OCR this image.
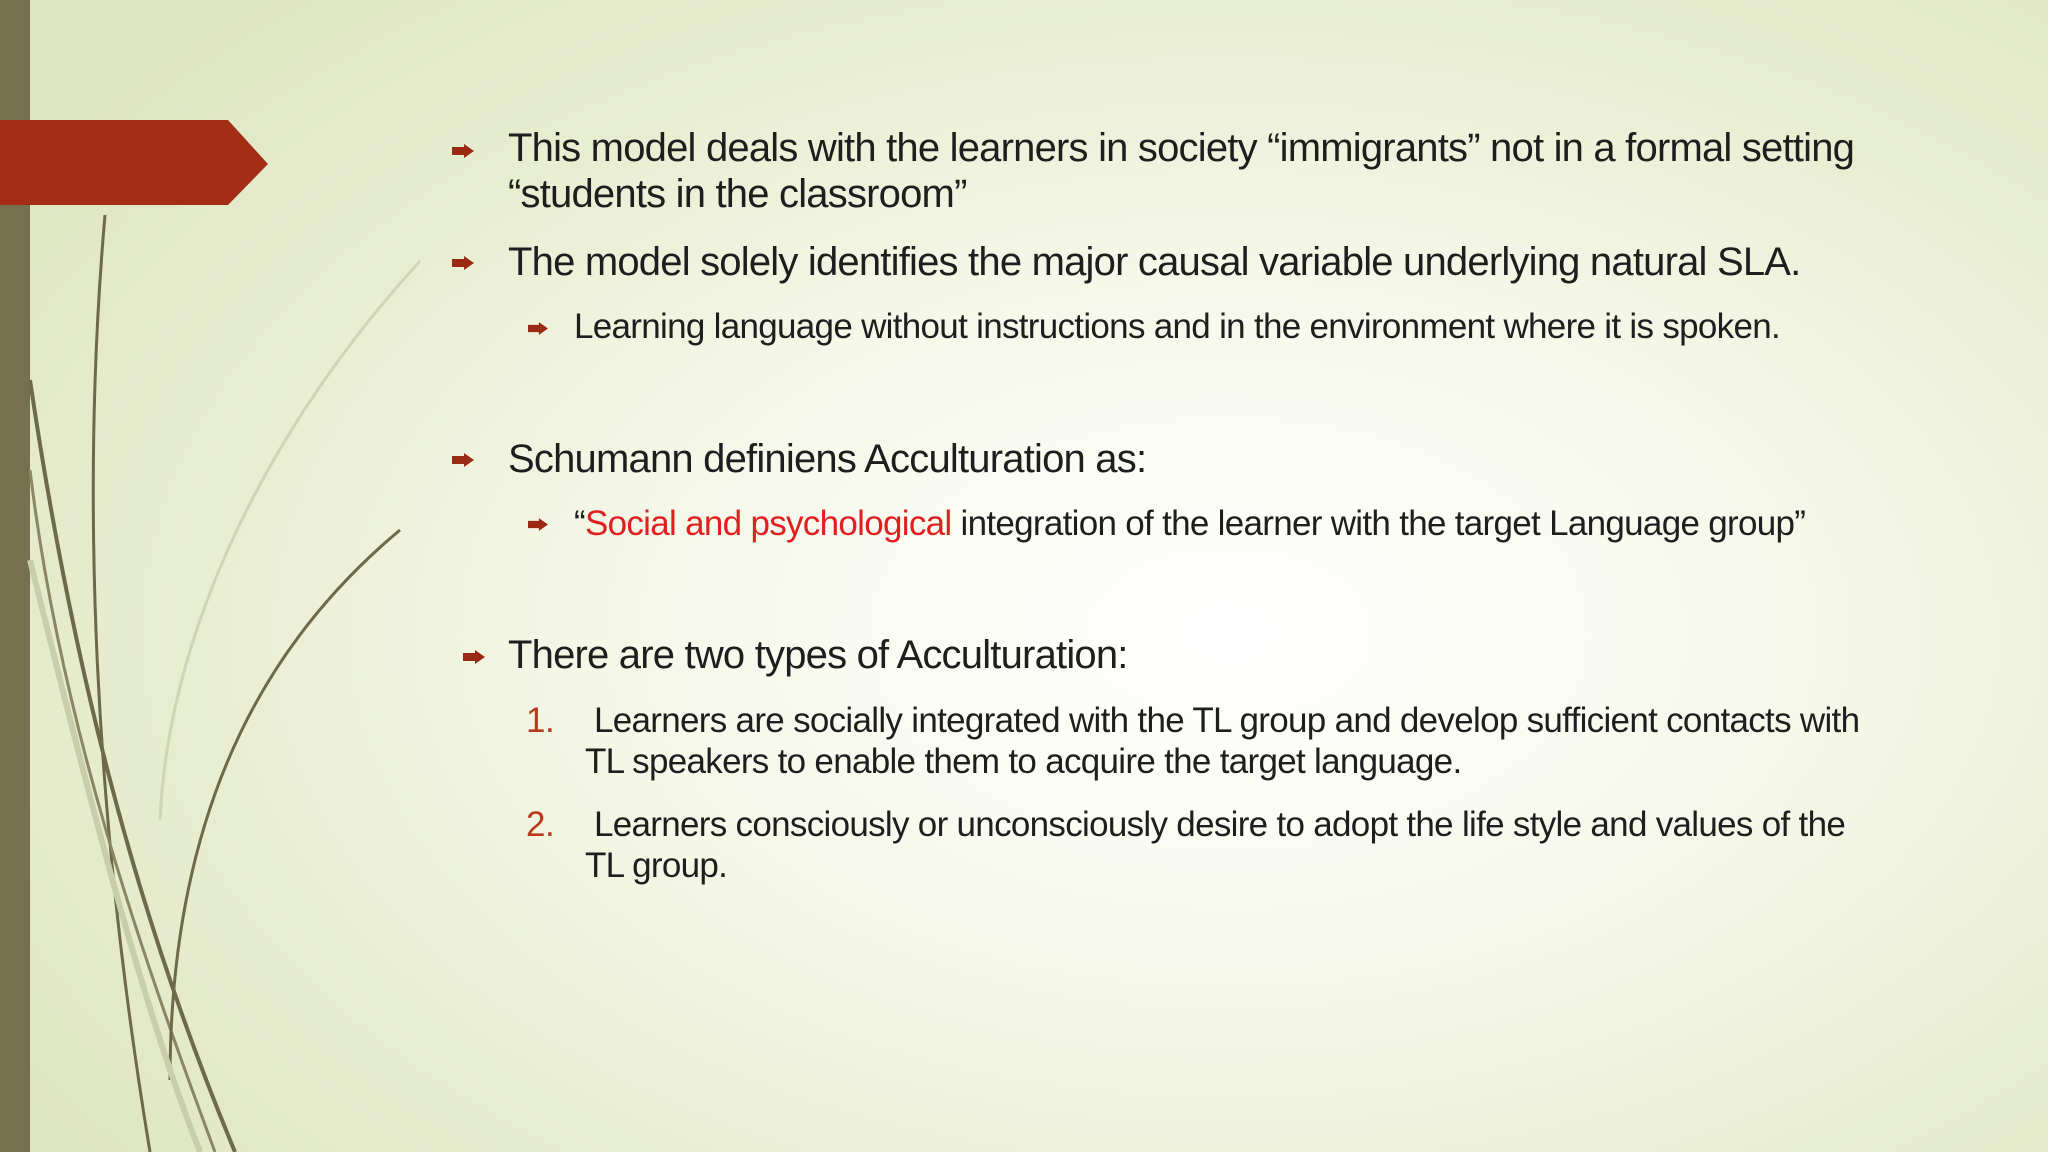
This model deals with the learners in society “immigrants” not in a formal setting
“students in the classroom”
The model solely identifies the major causal variable underlying natural SLA.
Learning language without instructions and in the environment where it is spoken.
Schumann definiens Acculturation as:
“Social and psychological integration of the learner with the target Language group”
There are two types of Acculturation:
1. Learners are socially integrated with the TL group and develop sufficient contacts with
TL speakers to enable them to acquire the target language.
2. Learners consciously or unconsciously desire to adopt the life style and values of the
TL group.
